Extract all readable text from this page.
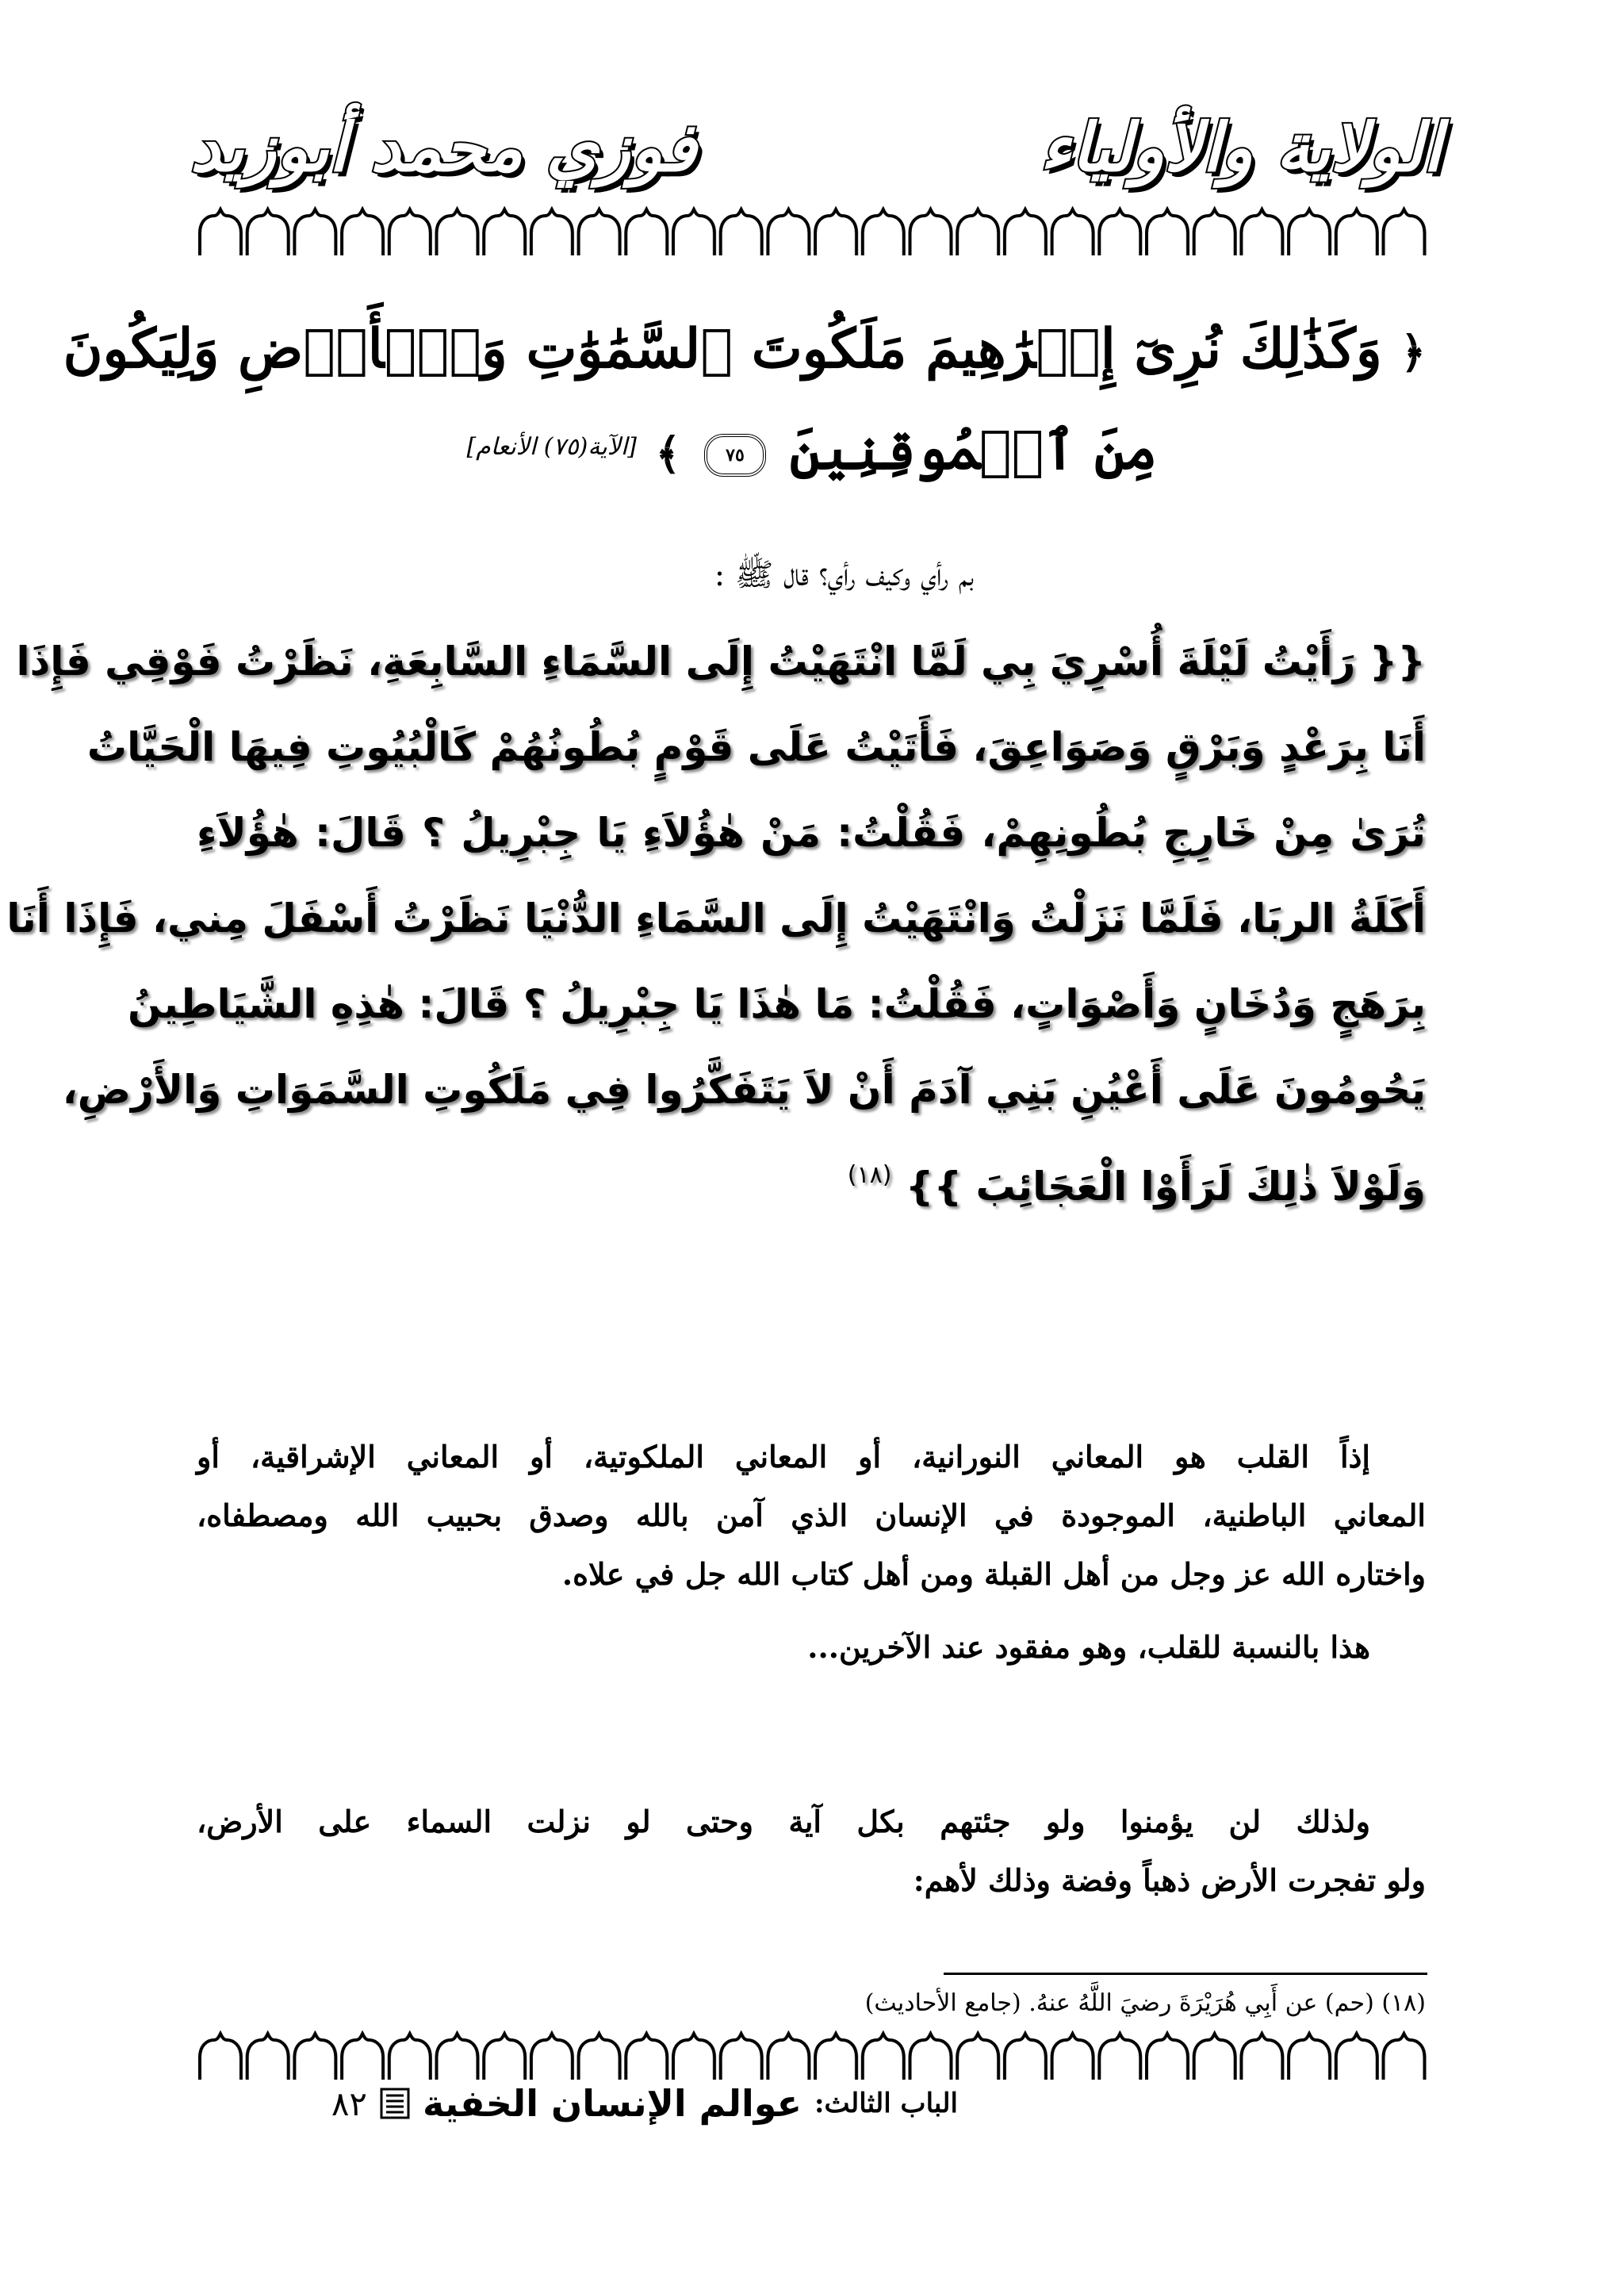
الولاية والأولياء
فوزي محمد أبوزيد
﴿ وَكَذَٰلِكَ نُرِىٓ إِبۡرَٰهِيمَ مَلَكُوتَ ٱلسَّمَٰوَٰتِ وَٱلۡأَرۡضِ وَلِيَكُونَ
مِنَ ٱلۡمُوقِنِينَ ٧٥ ﴾ [الآية(٧٥) الأنعام]
بم رأي وكيف رأي؟ قال ﷺ :
{{ رَأَيْتُ لَيْلَةَ أُسْرِيَ بِي لَمَّا انْتَهَيْتُ إِلَى السَّمَاءِ السَّابِعَةِ، نَظَرْتُ فَوْقِي فَإِذَا
أَنَا بِرَعْدٍ وَبَرْقٍ وَصَوَاعِقَ، فَأَتَيْتُ عَلَى قَوْمٍ بُطُونُهُمْ كَالْبُيُوتِ فِيهَا الْحَيَّاتُ
تُرَىٰ مِنْ خَارِجِ بُطُونِهِمْ، فَقُلْتُ: مَنْ هٰؤُلاَءِ يَا جِبْرِيلُ ؟ قَالَ: هٰؤُلاَءِ
أَكَلَةُ الربَا، فَلَمَّا نَزَلْتُ وَانْتَهَيْتُ إِلَى السَّمَاءِ الدُّنْيَا نَظَرْتُ أَسْفَلَ مِني، فَإِذَا أَنَا
بِرَهَجٍ وَدُخَانٍ وَأَصْوَاتٍ، فَقُلْتُ: مَا هٰذَا يَا جِبْرِيلُ ؟ قَالَ: هٰذِهِ الشَّيَاطِينُ
يَحُومُونَ عَلَى أَعْيُنِ بَنِي آدَمَ أَنْ لاَ يَتَفَكَّرُوا فِي مَلَكُوتِ السَّمَوَاتِ وَالأَرْضِ،
وَلَوْلاَ ذٰلِكَ لَرَأَوْا الْعَجَائِبَ }} $^{(١٨)}$
إذاً القلب هو المعاني النورانية، أو المعاني الملكوتية، أو المعاني الإشراقية، أو
المعاني الباطنية، الموجودة في الإنسان الذي آمن بالله وصدق بحبيب الله ومصطفاه،
واختاره الله عز وجل من أهل القبلة ومن أهل كتاب الله جل في علاه.
هذا بالنسبة للقلب، وهو مفقود عند الآخرين...
ولذلك لن يؤمنوا ولو جئتهم بكل آية وحتى لو نزلت السماء على الأرض،
ولو تفجرت الأرض ذهباً وفضة وذلك لأهم:
(١٨) (حم) عن أَبِي هُرَيْرَةَ رضيَ اللَّهُ عنهُ. (جامع الأحاديث)
الباب الثالث:
عوالم الإنسان الخفية
٨٢
